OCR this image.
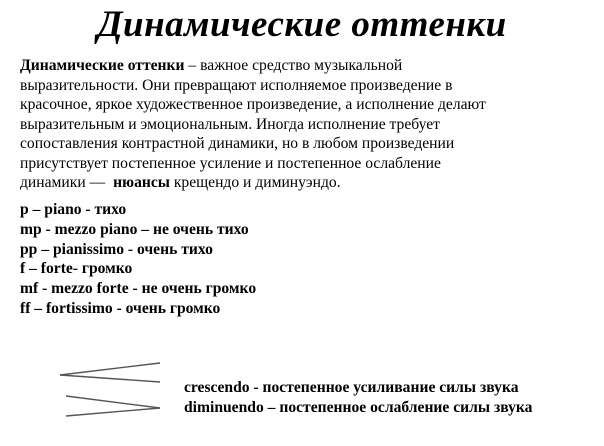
Динамические оттенки
Динамические оттенки – важное средство музыкальной выразительности. Они превращают исполняемое произведение в красочное, яркое художественное произведение, а исполнение делают выразительным и эмоциональным. Иногда исполнение требует сопоставления контрастной динамики, но в любом произведении присутствует постепенное усиление и постепенное ослабление динамики — нюансы крещендо и диминуэндо.
p – piano - тихо
mp - mezzo piano – не очень тихо
pp – pianissimo - очень тихо
f – forte- громко
mf - mezzo forte - не очень громко
ff – fortissimo - очень громко
crescendo - постепенное усиливание силы звука
diminuendo – постепенное ослабление силы звука
